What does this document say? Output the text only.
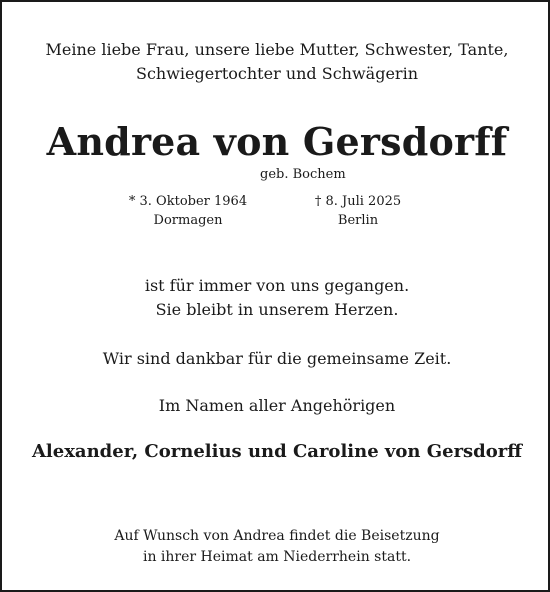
Meine liebe Frau, unsere liebe Mutter, Schwester, Tante,
Schwiegertochter und Schwägerin
Andrea von Gersdorff
geb. Bochem
* 3. Oktober 1964
Dormagen
† 8. Juli 2025
Berlin
ist für immer von uns gegangen.
Sie bleibt in unserem Herzen.
Wir sind dankbar für die gemeinsame Zeit.
Im Namen aller Angehörigen
Alexander, Cornelius und Caroline von Gersdorff
Auf Wunsch von Andrea findet die Beisetzung
in ihrer Heimat am Niederrhein statt.
